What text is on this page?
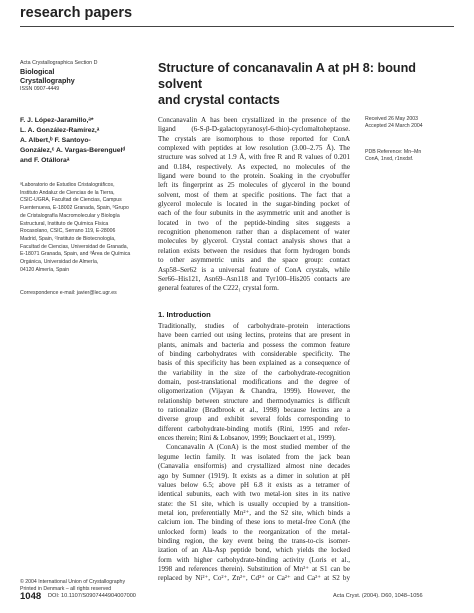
research papers
Acta Crystallographica Section D
Biological
Crystallography
ISSN 0907-4449
F. J. López-Jaramillo,ᵃ*
L. A. González-Ramírez,ᵃ
A. Albert,ᵇ F. Santoyo-
González,ᶜ A. Vargas-Berenguelᵈ
and F. Otálloraᵃ
ᵃLaboratorio de Estudios Cristalográficos,
Instituto Andaluz de Ciencias de la Tierra,
CSIC-UGRA, Facultad de Ciencias, Campus
Fuentenueva, E-18002 Granada, Spain, ᵇGrupo
de Cristalografía Macromolecular y Biología
Estructural, Instituto de Química Física
Rocasolano, CSIC, Serrano 119, E-28006
Madrid, Spain, ᶜInstituto de Biotecnología,
Facultad de Ciencias, Universidad de Granada,
E-18071 Granada, Spain, and ᵈÁrea de Química
Orgánica, Universidad de Almería,
04120 Almería, Spain
Correspondence e-mail: javier@lec.ugr.es
© 2004 International Union of Crystallography
Printed in Denmark – all rights reserved
Structure of concanavalin A at pH 8: bound solvent
and crystal contacts
Concanavalin A has been crystallized in the presence of the
ligand (6-S-β-D-galactopyranosyl-6-thio)-cyclomaltoheptaose.
The crystals are isomorphous to those reported for ConA
complexed with peptides at low resolution (3.00–2.75 Å). The
structure was solved at 1.9 Å, with free R and R values of 0.201
and 0.184, respectively. As expected, no molecules of the
ligand were bound to the protein. Soaking in the cryobuffer
left its fingerprint as 25 molecules of glycerol in the bound
solvent, most of them at specific positions. The fact that a
glycerol molecule is located in the sugar-binding pocket of
each of the four subunits in the asymmetric unit and another is
located in two of the peptide-binding sites suggests a
recognition phenomenon rather than a displacement of water
molecules by glycerol. Crystal contact analysis shows that a
relation exists between the residues that form hydrogen bonds
to other asymmetric units and the space group: contact
Asp58–Ser62 is a universal feature of ConA crystals, while
Ser66–His121, Asn69–Asn118 and Tyr100–His205 contacts are
general features of the C222₁ crystal form.
Received 26 May 2003
Accepted 24 March 2004
PDB Reference: Mn–Mn
ConA, 1nxd, r1nxdsf.
1. Introduction
Traditionally, studies of carbohydrate–protein interactions
have been carried out using lectins, proteins that are present in
plants, animals and bacteria and possess the common feature
of binding carbohydrates with considerable specificity. The
basis of this specificity has been explained as a consequence of
the variability in the size of the carbohydrate-recognition
domain, post-translational modifications and the degree of
oligomerization (Vijayan & Chandra, 1999). However, the
relationship between structure and thermodynamics is difficult
to rationalize (Bradbrook et al., 1998) because lectins are a
diverse group and exhibit several folds corresponding to
different carbohydrate-binding motifs (Rini, 1995 and refer-
ences therein; Rini & Lobsanov, 1999; Bouckaert et al., 1999).
Concanavalin A (ConA) is the most studied member of the
legume lectin family. It was isolated from the jack bean
(Canavalia ensiformis) and crystallized almost nine decades
ago by Sumner (1919). It exists as a dimer in solution at pH
values below 6.5; above pH 6.8 it exists as a tetramer of
identical subunits, each with two metal-ion sites in its native
state: the S1 site, which is usually occupied by a transition-
metal ion, preferentially Mn²⁺, and the S2 site, which binds a
calcium ion. The binding of these ions to metal-free ConA (the
unlocked form) leads to the reorganization of the metal-
binding region, the key event being the trans-to-cis isomer-
ization of an Ala-Asp peptide bond, which yields the locked
form with higher carbohydrate-binding activity (Loris et al.,
1998 and references therein). Substitution of Mn²⁺ at S1 can be
replaced by Ni²⁺, Co²⁺, Zn²⁺, Cd²⁺ or Ca²⁺ and Ca²⁺ at S2 by
1048 DOI: 10.1107/S0907444904007000	Acta Cryst. (2004). D60, 1048–1056
